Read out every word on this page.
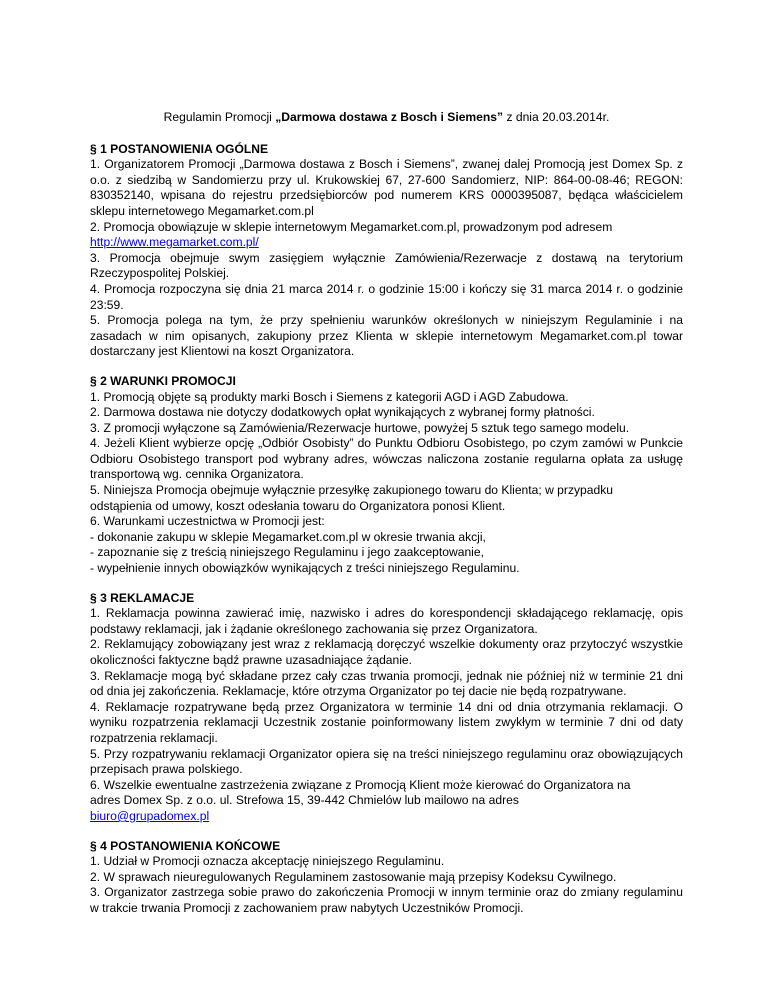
Regulamin Promocji „Darmowa dostawa z Bosch i Siemens” z dnia 20.03.2014r.

§ 1 POSTANOWIENIA OGÓLNE

1. Organizatorem Promocji „Darmowa dostawa z Bosch i Siemens”, zwanej dalej Promocją jest Domex Sp. z o.o. z siedzibą w Sandomierzu przy ul. Krukowskiej 67, 27-600 Sandomierz, NIP: 864-00-08-46; REGON: 830352140, wpisana do rejestru przedsiębiorców pod numerem KRS 0000395087, będąca właścicielem sklepu internetowego Megamarket.com.pl

2. Promocja obowiązuje w sklepie internetowym Megamarket.com.pl, prowadzonym pod adresem

http://www.megamarket.com.pl/

3. Promocja obejmuje swym zasięgiem wyłącznie Zamówienia/Rezerwacje z dostawą na terytorium Rzeczypospolitej Polskiej.

4. Promocja rozpoczyna się dnia 21 marca 2014 r. o godzinie 15:00 i kończy się 31 marca 2014 r. o godzinie 23:59.

5. Promocja polega na tym, że przy spełnieniu warunków określonych w niniejszym Regulaminie i na zasadach w nim opisanych, zakupiony przez Klienta w sklepie internetowym Megamarket.com.pl towar dostarczany jest Klientowi na koszt Organizatora.

§ 2 WARUNKI PROMOCJI

1. Promocją objęte są produkty marki Bosch i Siemens z kategorii AGD i AGD Zabudowa.

2. Darmowa dostawa nie dotyczy dodatkowych opłat wynikających z wybranej formy płatności.

3. Z promocji wyłączone są Zamówienia/Rezerwacje hurtowe, powyżej 5 sztuk tego samego modelu.

4. Jeżeli Klient wybierze opcję „Odbiór Osobisty” do Punktu Odbioru Osobistego, po czym zamówi w Punkcie Odbioru Osobistego transport pod wybrany adres, wówczas naliczona zostanie regularna opłata za usługę transportową wg. cennika Organizatora.

5. Niniejsza Promocja obejmuje wyłącznie przesyłkę zakupionego towaru do Klienta; w przypadku

odstąpienia od umowy, koszt odesłania towaru do Organizatora ponosi Klient.

6. Warunkami uczestnictwa w Promocji jest:

- dokonanie zakupu w sklepie Megamarket.com.pl w okresie trwania akcji,

- zapoznanie się z treścią niniejszego Regulaminu i jego zaakceptowanie,

- wypełnienie innych obowiązków wynikających z treści niniejszego Regulaminu.

§ 3 REKLAMACJE

1. Reklamacja powinna zawierać imię, nazwisko i adres do korespondencji składającego reklamację, opis podstawy reklamacji, jak i żądanie określonego zachowania się przez Organizatora.

2. Reklamujący zobowiązany jest wraz z reklamacją doręczyć wszelkie dokumenty oraz przytoczyć wszystkie okoliczności faktyczne bądź prawne uzasadniające żądanie.

3. Reklamacje mogą być składane przez cały czas trwania promocji, jednak nie później niż w terminie 21 dni od dnia jej zakończenia. Reklamacje, które otrzyma Organizator po tej dacie nie będą rozpatrywane.

4. Reklamacje rozpatrywane będą przez Organizatora w terminie 14 dni od dnia otrzymania reklamacji. O wyniku rozpatrzenia reklamacji Uczestnik zostanie poinformowany listem zwykłym w terminie 7 dni od daty rozpatrzenia reklamacji.

5. Przy rozpatrywaniu reklamacji Organizator opiera się na treści niniejszego regulaminu oraz obowiązujących przepisach prawa polskiego.

6. Wszelkie ewentualne zastrzeżenia związane z Promocją Klient może kierować do Organizatora na

adres Domex Sp. z o.o. ul. Strefowa 15, 39-442 Chmielów lub mailowo na adres

biuro@grupadomex.pl

§ 4 POSTANOWIENIA KOŃCOWE

1. Udział w Promocji oznacza akceptację niniejszego Regulaminu.

2. W sprawach nieuregulowanych Regulaminem zastosowanie mają przepisy Kodeksu Cywilnego.

3. Organizator zastrzega sobie prawo do zakończenia Promocji w innym terminie oraz do zmiany regulaminu w trakcie trwania Promocji z zachowaniem praw nabytych Uczestników Promocji.
